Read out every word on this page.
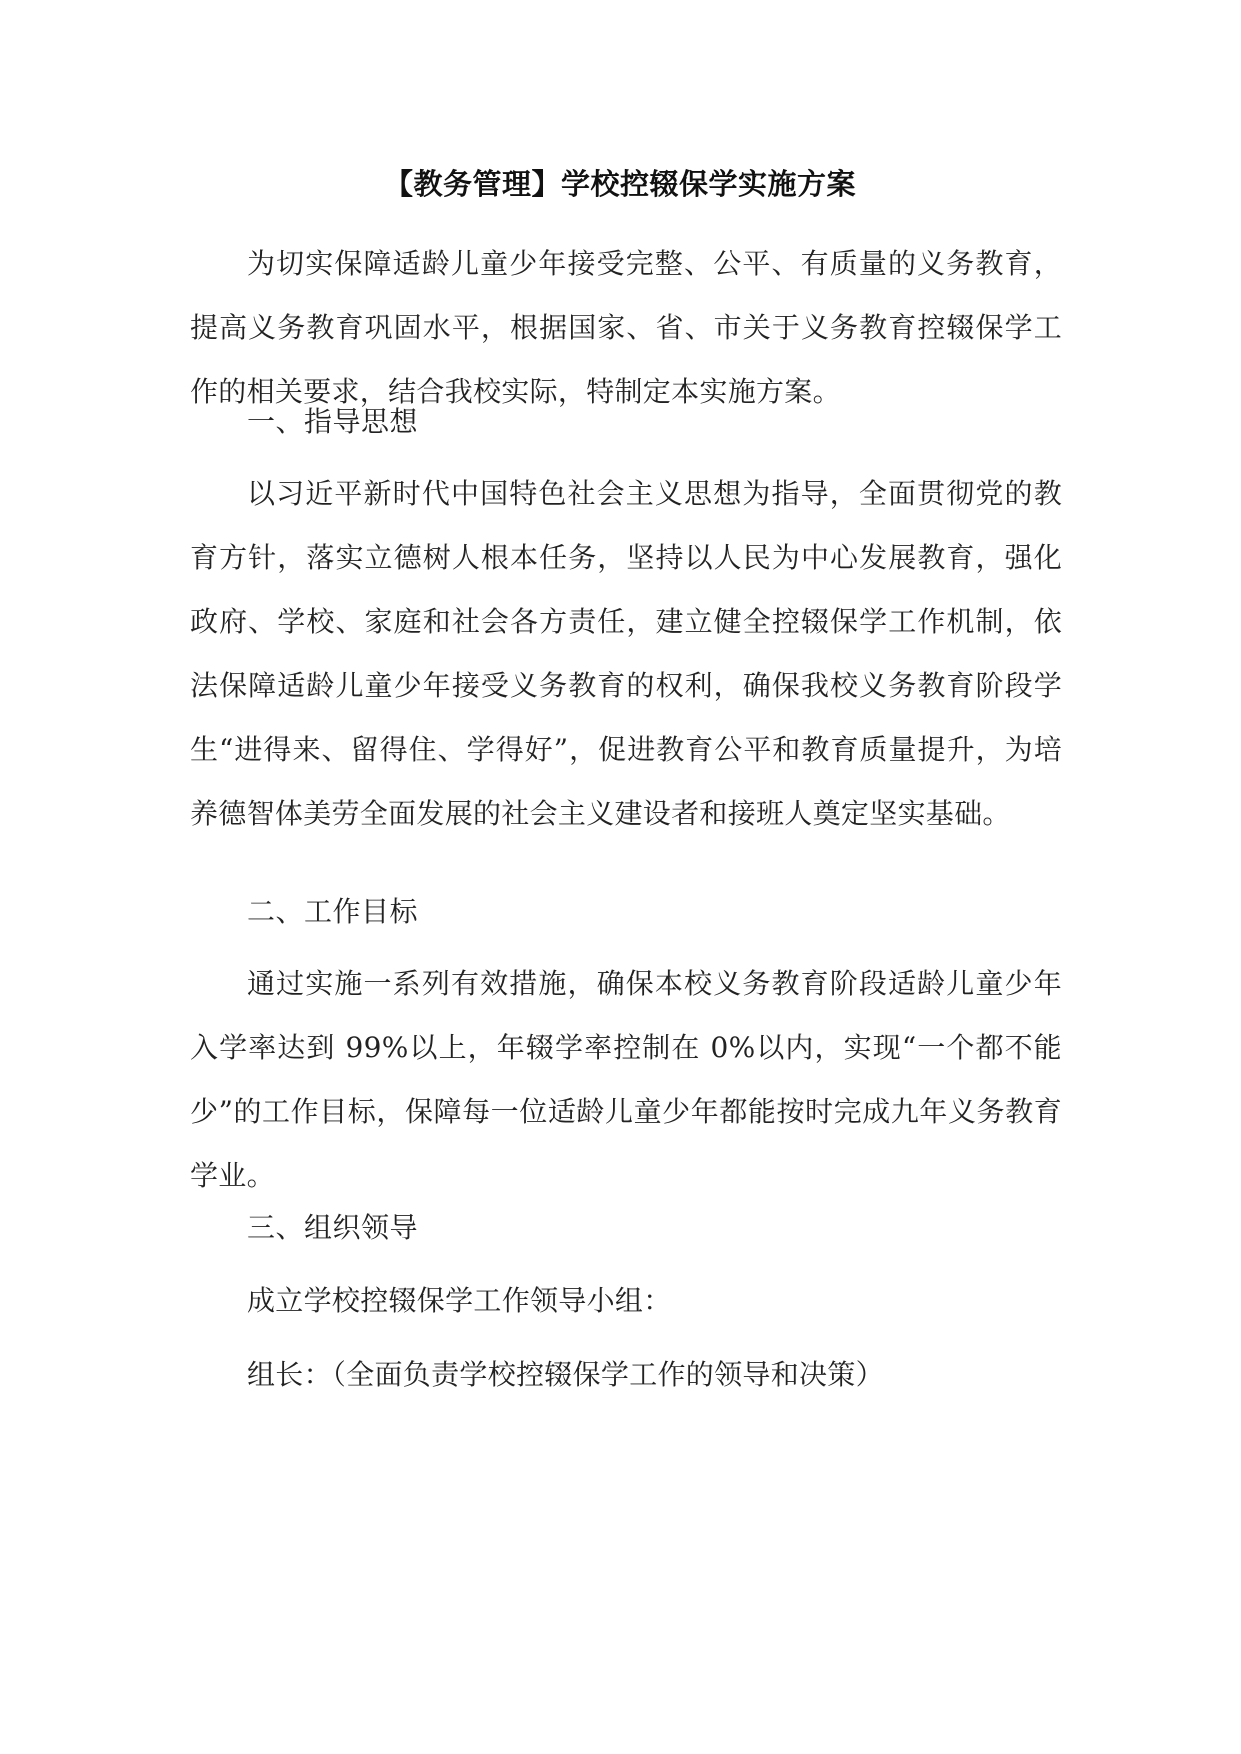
【教务管理】学校控辍保学实施方案

为切实保障适龄儿童少年接受完整、公平、有质量的义务教育，提高义务教育巩固水平，根据国家、省、市关于义务教育控辍保学工作的相关要求，结合我校实际，特制定本实施方案。

一、指导思想

以习近平新时代中国特色社会主义思想为指导，全面贯彻党的教育方针，落实立德树人根本任务，坚持以人民为中心发展教育，强化政府、学校、家庭和社会各方责任，建立健全控辍保学工作机制，依法保障适龄儿童少年接受义务教育的权利，确保我校义务教育阶段学生“进得来、留得住、学得好”，促进教育公平和教育质量提升，为培养德智体美劳全面发展的社会主义建设者和接班人奠定坚实基础。

二、工作目标

通过实施一系列有效措施，确保本校义务教育阶段适龄儿童少年入学率达到 99%以上，年辍学率控制在 0%以内，实现“一个都不能少”的工作目标，保障每一位适龄儿童少年都能按时完成九年义务教育学业。

三、组织领导

成立学校控辍保学工作领导小组：

组长：（全面负责学校控辍保学工作的领导和决策）
